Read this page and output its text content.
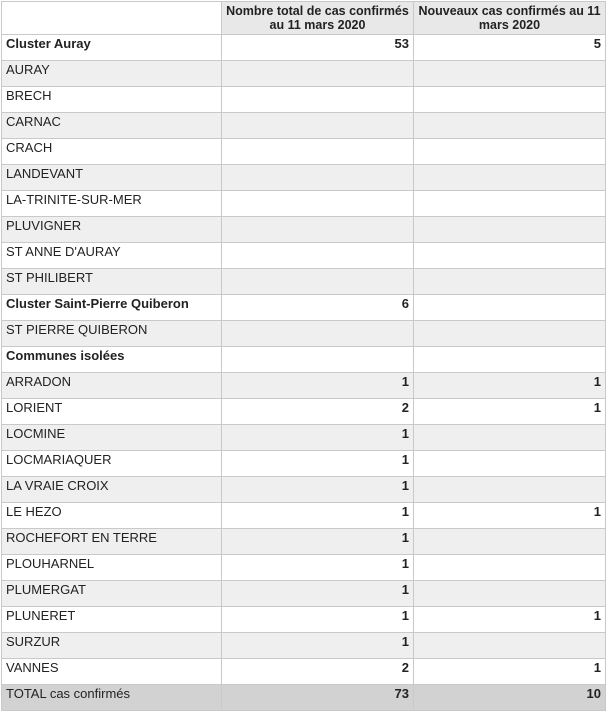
	Nombre total de cas confirmés au 11 mars 2020	Nouveaux cas confirmés au 11 mars 2020
Cluster Auray	53	5
AURAY		
BRECH		
CARNAC		
CRACH		
LANDEVANT		
LA-TRINITE-SUR-MER		
PLUVIGNER		
ST ANNE D'AURAY		
ST PHILIBERT		
Cluster Saint-Pierre Quiberon	6	
ST PIERRE QUIBERON		
Communes isolées		
ARRADON	1	1
LORIENT	2	1
LOCMINE	1	
LOCMARIAQUER	1	
LA VRAIE CROIX	1	
LE HEZO	1	1
ROCHEFORT EN TERRE	1	
PLOUHARNEL	1	
PLUMERGAT	1	
PLUNERET	1	1
SURZUR	1	
VANNES	2	1
TOTAL cas confirmés	73	10
